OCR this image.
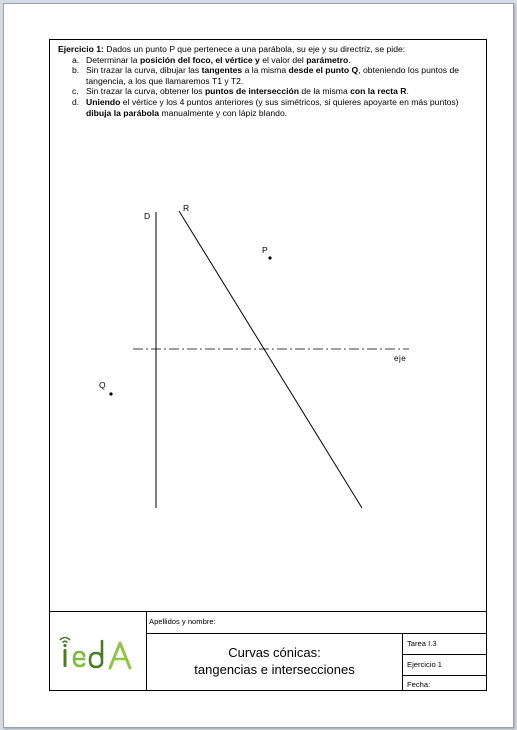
Ejercicio 1: Dados un punto P que pertenece a una parábola, su eje y su directriz, se pide:
a. Determinar la posición del foco, el vértice y el valor del parámetro.
b. Sin trazar la curva, dibujar las tangentes a la misma desde el punto Q, obteniendo los puntos de tangencia, a los que llamaremos T1 y T2.
c. Sin trazar la curva, obtener los puntos de intersección de la misma con la recta R.
d. Uniendo el vértice y los 4 puntos anteriores (y sus simétricos, si quieres apoyarte en más puntos) dibuja la parábola manualmente y con lápiz blando.
D
R
P
Q
eje
Apellidos y nombre:
Curvas cónicas:
tangencias e intersecciones
Tarea I.3
Ejercicio 1
Fecha:
